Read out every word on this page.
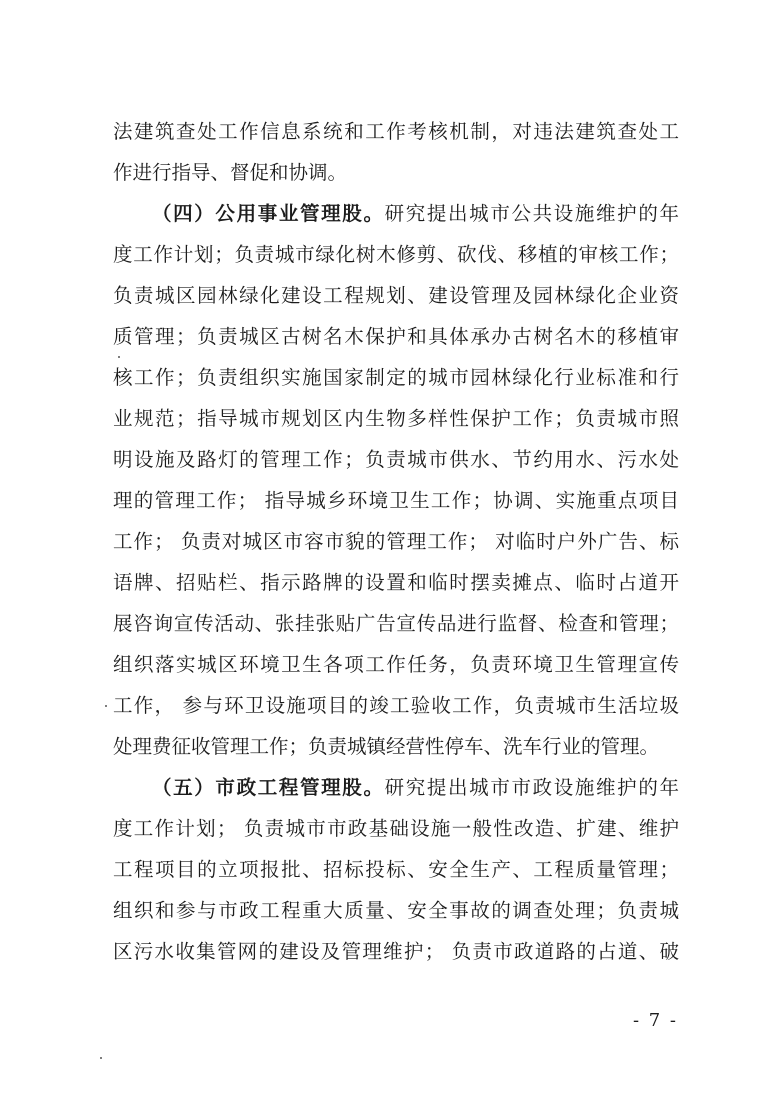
法建筑查处工作信息系统和工作考核机制，对违法建筑查处工
作进行指导、督促和协调。
（四）公用事业管理股。研究提出城市公共设施维护的年
度工作计划；负责城市绿化树木修剪、砍伐、移植的审核工作；
负责城区园林绿化建设工程规划、建设管理及园林绿化企业资
质管理；负责城区古树名木保护和具体承办古树名木的移植审
核工作；负责组织实施国家制定的城市园林绿化行业标准和行
业规范；指导城市规划区内生物多样性保护工作；负责城市照
明设施及路灯的管理工作；负责城市供水、节约用水、污水处
理的管理工作； 指导城乡环境卫生工作；协调、实施重点项目
工作； 负责对城区市容市貌的管理工作； 对临时户外广告、标
语牌、招贴栏、指示路牌的设置和临时摆卖摊点、临时占道开
展咨询宣传活动、张挂张贴广告宣传品进行监督、检查和管理；
组织落实城区环境卫生各项工作任务，负责环境卫生管理宣传
工作， 参与环卫设施项目的竣工验收工作，负责城市生活垃圾
处理费征收管理工作；负责城镇经营性停车、洗车行业的管理。
（五）市政工程管理股。研究提出城市市政设施维护的年
度工作计划； 负责城市市政基础设施一般性改造、扩建、维护
工程项目的立项报批、招标投标、安全生产、工程质量管理；
组织和参与市政工程重大质量、安全事故的调查处理；负责城
区污水收集管网的建设及管理维护； 负责市政道路的占道、破
- 7 -
